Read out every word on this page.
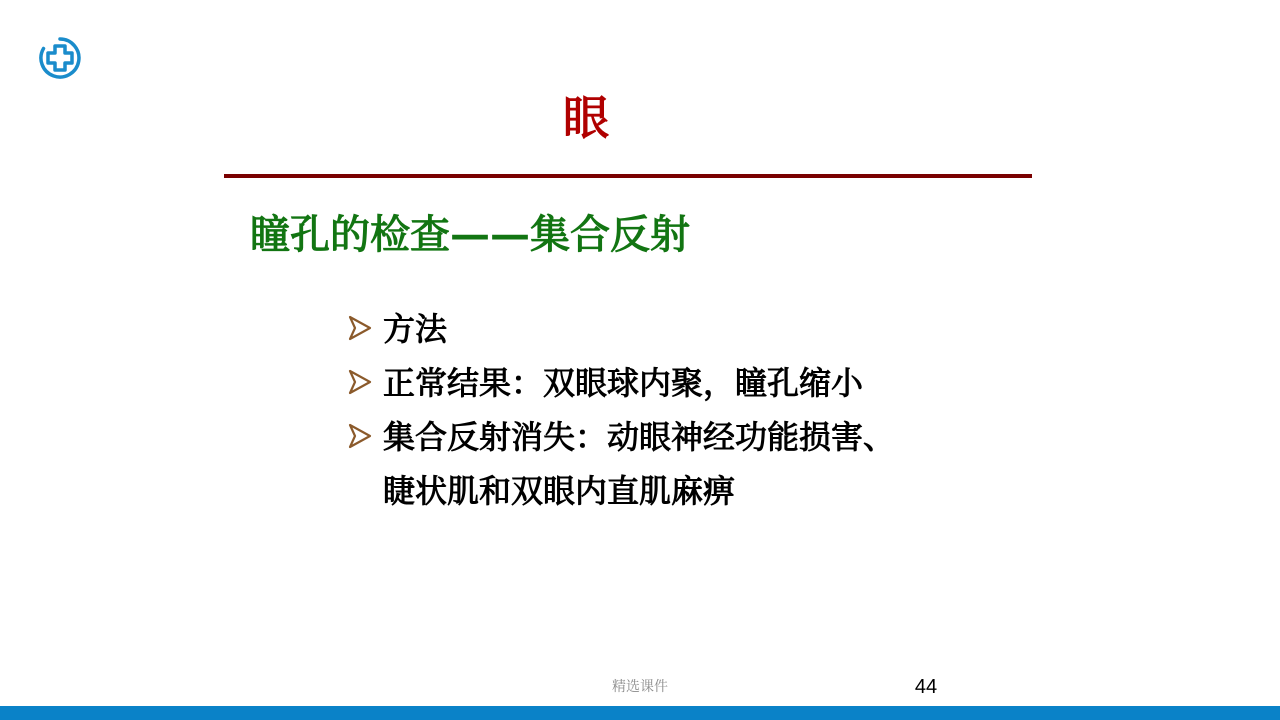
眼
瞳孔的检查——集合反射
方法
正常结果：双眼球内聚，瞳孔缩小
集合反射消失：动眼神经功能损害、
睫状肌和双眼内直肌麻痹
精选课件	44
